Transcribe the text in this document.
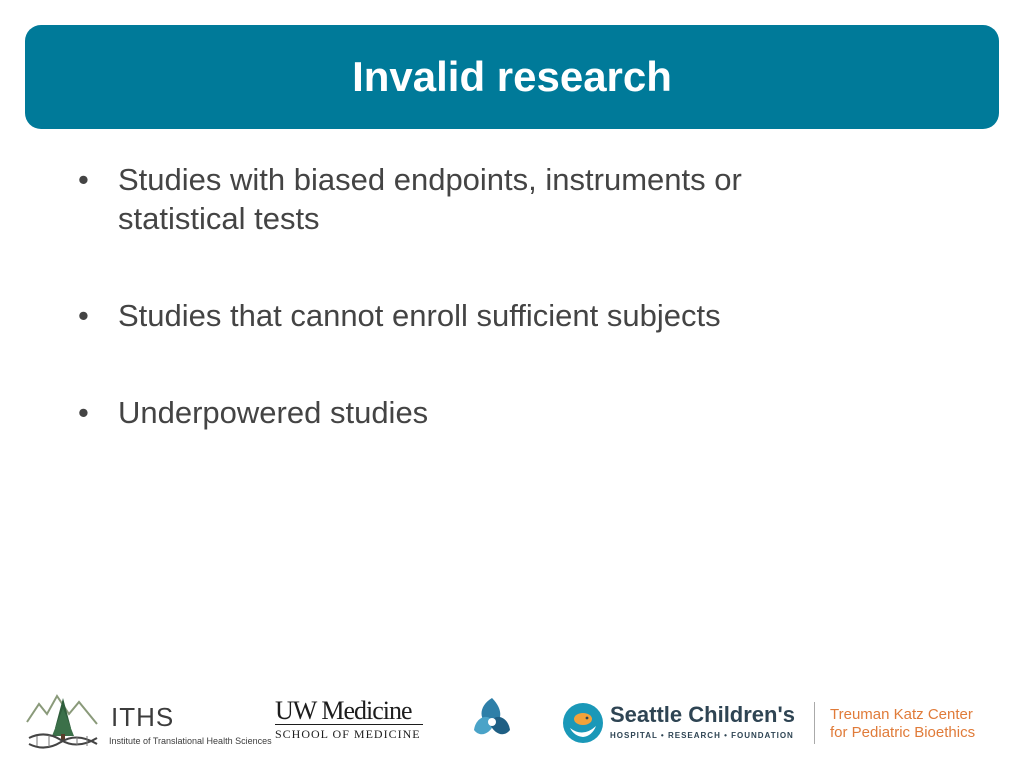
Invalid research
• Studies with biased endpoints, instruments or statistical tests
• Studies that cannot enroll sufficient subjects
• Underpowered studies
ITHS
Institute of Translational Health Sciences
UW Medicine
SCHOOL OF MEDICINE
Seattle Children's
HOSPITAL • RESEARCH • FOUNDATION
Treuman Katz Center
for Pediatric Bioethics
